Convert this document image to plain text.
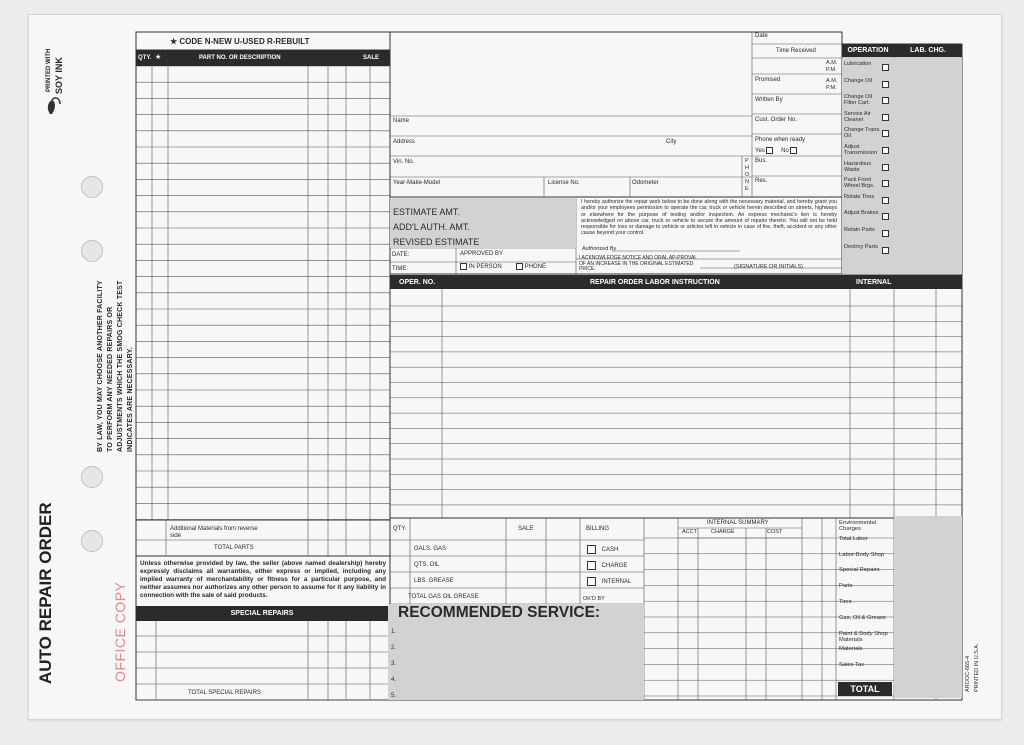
PRINTED WITH SOY INK
BY LAW, YOU MAY CHOOSE ANOTHER FACILITY TO PERFORM ANY NEEDED REPAIRS OR ADJUSTMENTS WHICH THE SMOG CHECK TEST INDICATES ARE NECESSARY.
AUTO REPAIR ORDER	OFFICE COPY
★ CODE N-NEW U-USED R-REBUILT
QTY. ★	PART NO. OR DESCRIPTION	SALE
Additional Materials from reverse side
TOTAL PARTS
Unless otherwise provided by law, the seller (above named dealership) hereby expressly disclaims all warranties, either express or implied, including any implied warranty of merchantability or fitness for a particular purpose, and neither assumes nor authorizes any other person to assume for it any liability in connection with the sale of said products.
SPECIAL REPAIRS
TOTAL SPECIAL REPAIRS
Name
Address	City
Vin. No.
Year-Make-Model	License No.	Odometer
PHONE
Bus.
Res.
Date
Time Received
A.M.
P.M.
Promised	A.M.
P.M.
Written By
Cust. Order No.
Phone when ready
Yes	No
OPERATION	LAB. CHG.
Lubrication
Change Oil
Change Oil Filter Cart.
Service Air Cleaner
Change Trans. Oil
Adjust Transmission
Hazardous Waste
Pack Front Wheel Brgs.
Rotate Tires
Adjust Brakes
Retain Parts
Destroy Parts
ESTIMATE AMT.
ADD'L AUTH. AMT.
REVISED ESTIMATE
DATE:
TIME:
APPROVED BY
IN PERSON	PHONE
I hereby authorize the repair work below to be done along with the necessary material, and hereby grant you and/or your employees permission to operate the car, truck or vehicle herein described on streets, highways or elsewhere for the purpose of testing and/or inspection. An express mechanic's lien is hereby acknowledged on above car, truck or vehicle to secure the amount of repairs thereto. You will not be held responsible for loss or damage to vehicle or articles left in vehicle in case of fire, theft, accident or any other cause beyond your control.
Authorized By
I ACKNOWLEDGE NOTICE AND ORAL AP-PROVAL OF AN INCREASE IN THE ORIGINAL ESTIMATED PRICE.	(SIGNATURE OR INITIALS)
OPER. NO.	REPAIR ORDER LABOR INSTRUCTION	INTERNAL
QTY.	SALE
GALS. GAS
QTS. OIL
LBS. GREASE
TOTAL GAS OIL GREASE
BILLING
CASH
CHARGE
INTERNAL
OK'D BY
INTERNAL SUMMARY
ACCT	CHARGE	COST
RECOMMENDED SERVICE:
1.
2.
3.
4.
5.
Environmental Charges
Total Labor
Labor-Body Shop
Special Repairs
Parts
Tires
Gas, Oil & Grease
Paint & Body Shop Materials
Materials
Sales Tax
TOTAL	AROOC-665-4 PRINTED IN U.S.A.
